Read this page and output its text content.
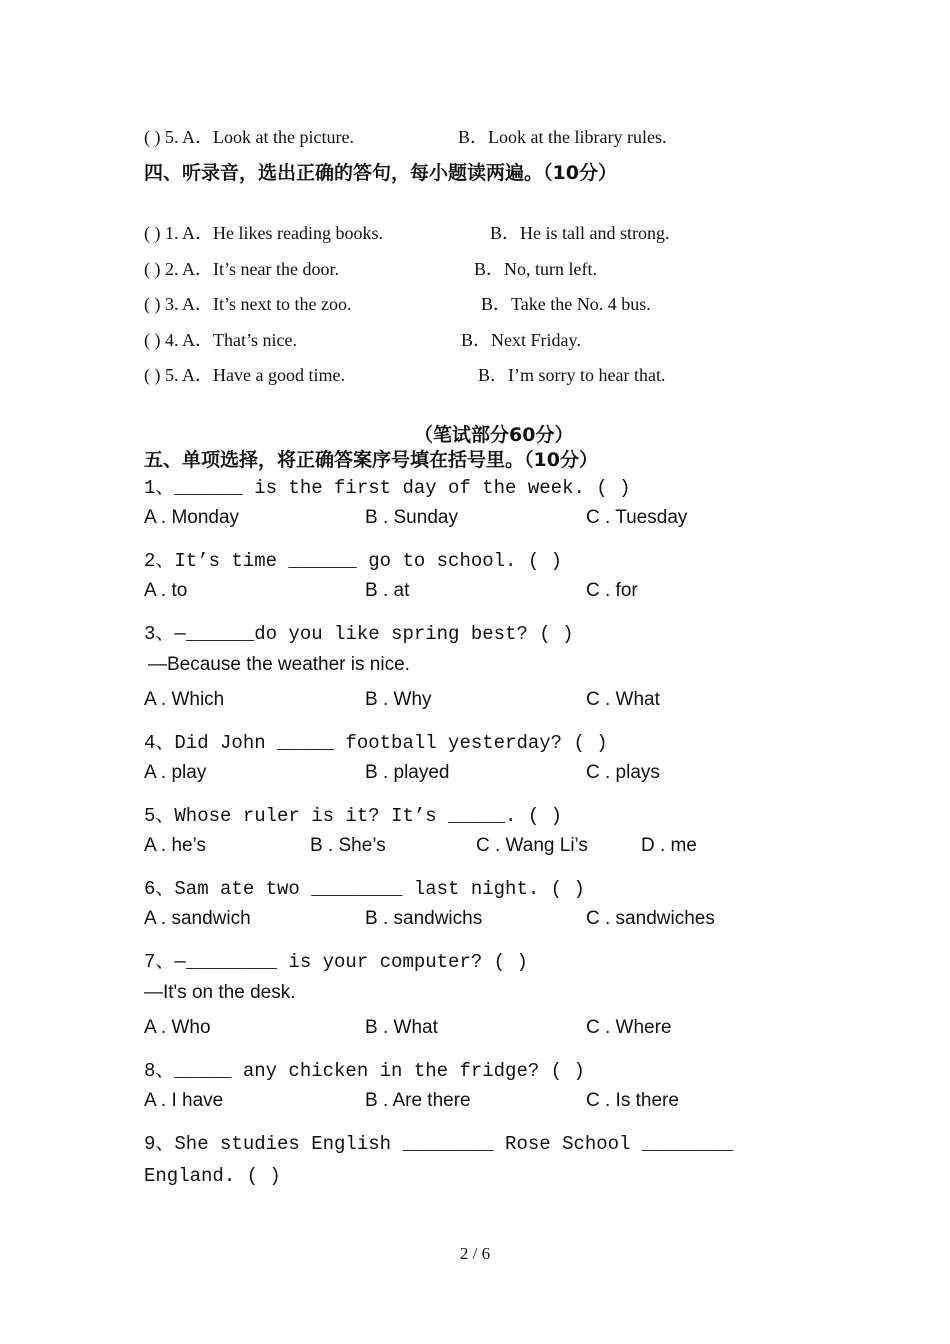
( ) 5. A．Look at the picture.	B．Look at the library rules.
四、听录音，选出正确的答句，每小题读两遍。（10分）
( ) 1. A．He likes reading books.	B．He is tall and strong.
( ) 2. A．It’s near the door.	B．No, turn left.
( ) 3. A．It’s next to the zoo.	B．Take the No. 4 bus.
( ) 4. A．That’s nice.	B．Next Friday.
( ) 5. A．Have a good time.	B．I’m sorry to hear that.
（笔试部分60分）
五、单项选择，将正确答案序号填在括号里。（10分）
1、______ is the first day of the week. ( )
A . Monday	B . Sunday	C . Tuesday
2、It’s time ______ go to school. ( )
A . to	B . at	C . for
3、—______do you like spring best? ( )
—Because the weather is nice.
A . Which	B . Why	C . What
4、Did John _____ football yesterday? ( )
A . play	B . played	C . plays
5、Whose ruler is it? It’s _____. ( )
A . he’s	B . She’s	C . Wang Li’s	D . me
6、Sam ate two ________ last night. ( )
A . sandwich	B . sandwichs	C . sandwiches
7、—________ is your computer? ( )
—It's on the desk.
A . Who	B . What	C . Where
8、_____ any chicken in the fridge? ( )
A . I have	B . Are there	C . Is there
9、She studies English ________ Rose School ________
England. ( )
2 / 6
